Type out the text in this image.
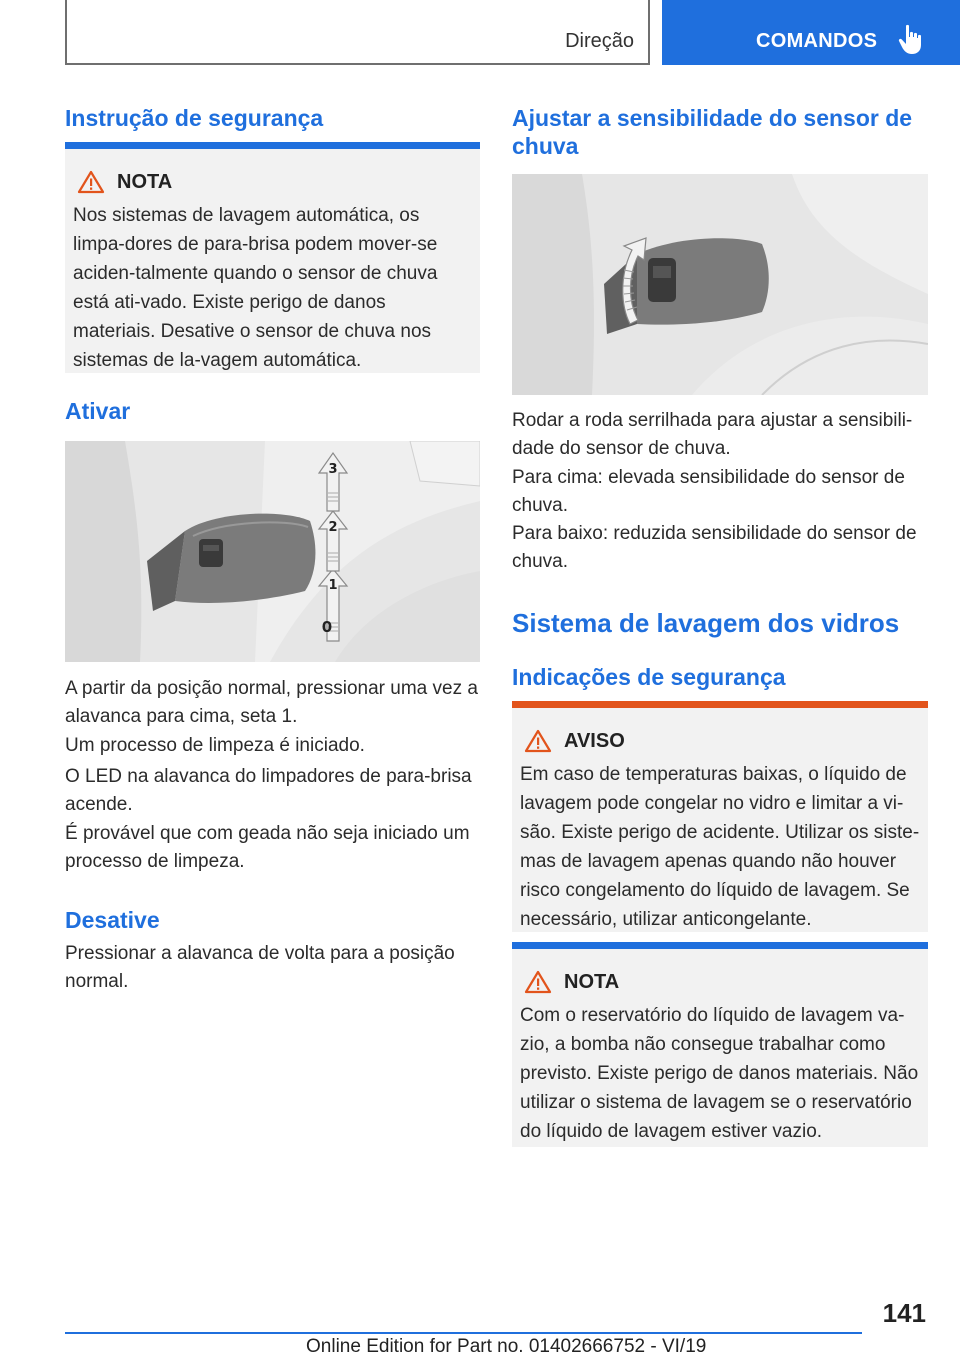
Direção	COMANDOS
Instrução de segurança
NOTA
Nos sistemas de lavagem automática, os limpa-dores de para-brisa podem mover-se aciden-talmente quando o sensor de chuva está ati-vado. Existe perigo de danos materiais. Desative o sensor de chuva nos sistemas de la-vagem automática.
Ativar
1
2
3
0
A partir da posição normal, pressionar uma vez a alavanca para cima, seta 1.
Um processo de limpeza é iniciado.
O LED na alavanca do limpadores de para-brisa acende.
É provável que com geada não seja iniciado um processo de limpeza.
Desative
Pressionar a alavanca de volta para a posição normal.
Ajustar a sensibilidade do sensor de chuva
Rodar a roda serrilhada para ajustar a sensibili-dade do sensor de chuva.
Para cima: elevada sensibilidade do sensor de chuva.
Para baixo: reduzida sensibilidade do sensor de chuva.
Sistema de lavagem dos vidros
Indicações de segurança
AVISO
Em caso de temperaturas baixas, o líquido de lavagem pode congelar no vidro e limitar a vi-são. Existe perigo de acidente. Utilizar os siste-mas de lavagem apenas quando não houver risco congelamento do líquido de lavagem. Se necessário, utilizar anticongelante.
NOTA
Com o reservatório do líquido de lavagem va-zio, a bomba não consegue trabalhar como previsto. Existe perigo de danos materiais. Não utilizar o sistema de lavagem se o reservatório do líquido de lavagem estiver vazio.
141
Online Edition for Part no. 01402666752 - VI/19
